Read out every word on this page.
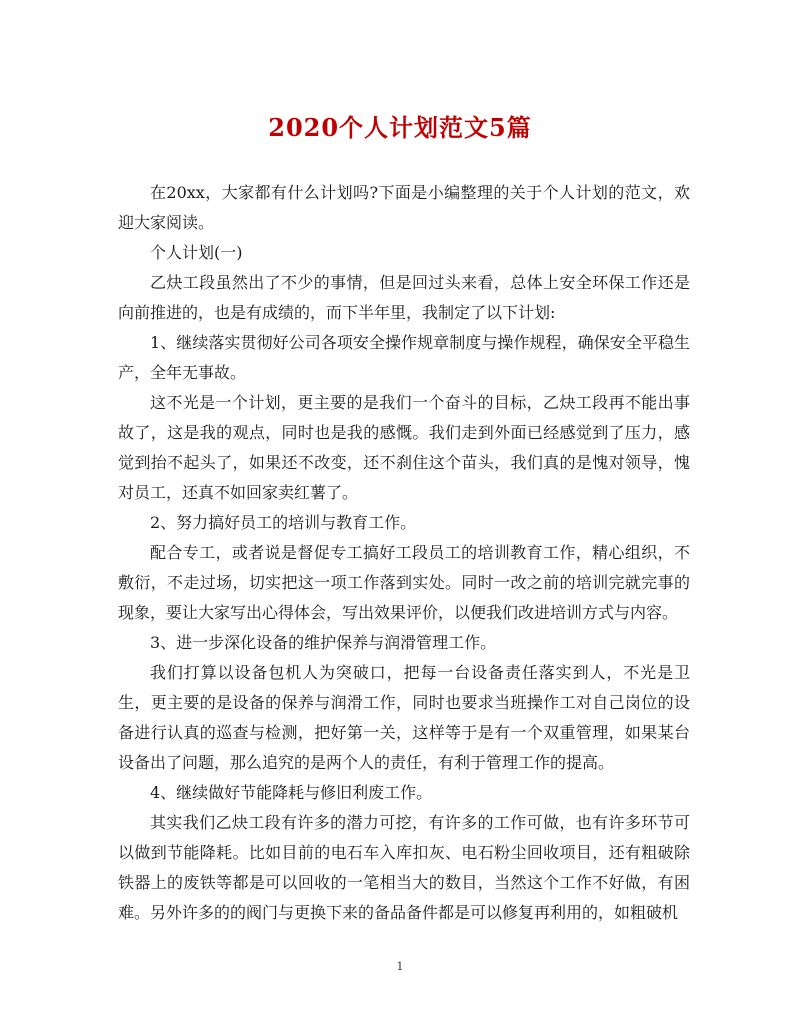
2020个人计划范文5篇

在20xx，大家都有什么计划吗?下面是小编整理的关于个人计划的范文，欢迎大家阅读。

个人计划(一)

乙炔工段虽然出了不少的事情，但是回过头来看，总体上安全环保工作还是向前推进的，也是有成绩的，而下半年里，我制定了以下计划:

1、继续落实贯彻好公司各项安全操作规章制度与操作规程，确保安全平稳生产，全年无事故。

这不光是一个计划，更主要的是我们一个奋斗的目标，乙炔工段再不能出事故了，这是我的观点，同时也是我的感慨。我们走到外面已经感觉到了压力，感觉到抬不起头了，如果还不改变，还不刹住这个苗头，我们真的是愧对领导，愧对员工，还真不如回家卖红薯了。

2、努力搞好员工的培训与教育工作。

配合专工，或者说是督促专工搞好工段员工的培训教育工作，精心组织，不敷衍，不走过场，切实把这一项工作落到实处。同时一改之前的培训完就完事的现象，要让大家写出心得体会，写出效果评价，以便我们改进培训方式与内容。

3、进一步深化设备的维护保养与润滑管理工作。

我们打算以设备包机人为突破口，把每一台设备责任落实到人，不光是卫生，更主要的是设备的保养与润滑工作，同时也要求当班操作工对自己岗位的设备进行认真的巡查与检测，把好第一关，这样等于是有一个双重管理，如果某台设备出了问题，那么追究的是两个人的责任，有利于管理工作的提高。

4、继续做好节能降耗与修旧利废工作。

其实我们乙炔工段有许多的潜力可挖，有许多的工作可做，也有许多环节可以做到节能降耗。比如目前的电石车入库扣灰、电石粉尘回收项目，还有粗破除铁器上的废铁等都是可以回收的一笔相当大的数目，当然这个工作不好做，有困难。另外许多的的阀门与更换下来的备品备件都是可以修复再利用的，如粗破机

1
